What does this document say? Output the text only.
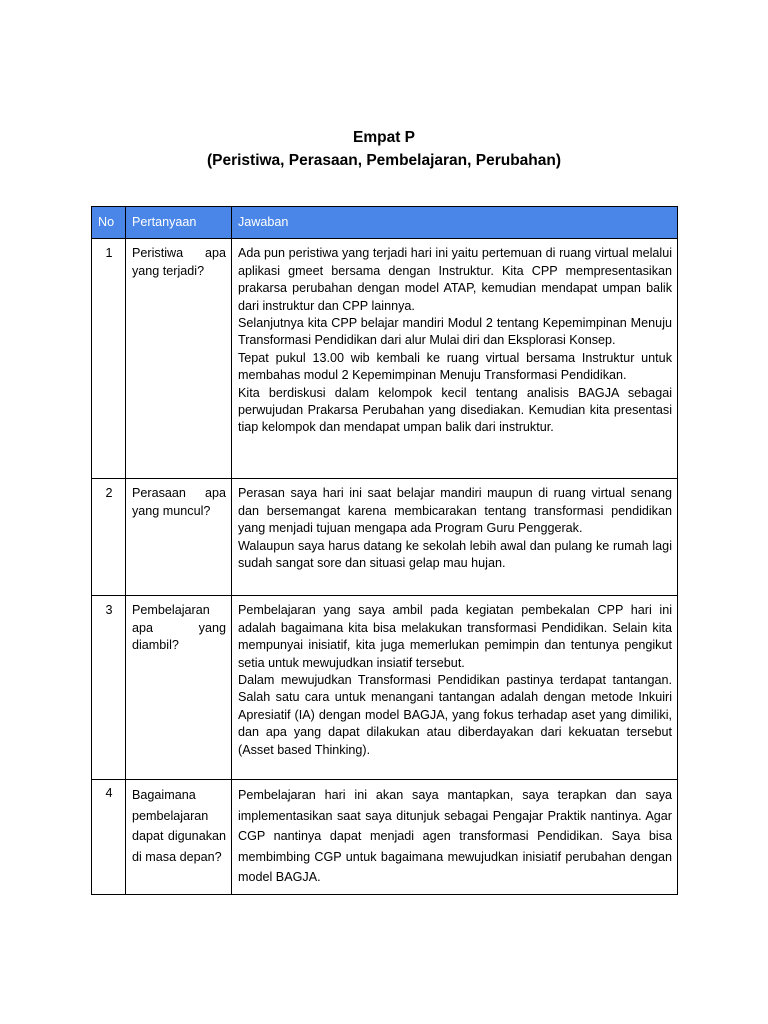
Empat P
(Peristiwa, Perasaan, Pembelajaran, Perubahan)
No	Pertanyaan	Jawaban
1	Peristiwa apa yang terjadi?	Ada pun peristiwa yang terjadi hari ini yaitu pertemuan di ruang virtual melalui aplikasi gmeet bersama dengan Instruktur. Kita CPP mempresentasikan prakarsa perubahan dengan model ATAP, kemudian mendapat umpan balik dari instruktur dan CPP lainnya.

Selanjutnya kita CPP belajar mandiri Modul 2 tentang Kepemimpinan Menuju Transformasi Pendidikan dari alur Mulai diri dan Eksplorasi Konsep.

Tepat pukul 13.00 wib kembali ke ruang virtual bersama Instruktur untuk membahas modul 2 Kepemimpinan Menuju Transformasi Pendidikan.

Kita berdiskusi dalam kelompok kecil tentang analisis BAGJA sebagai perwujudan Prakarsa Perubahan yang disediakan. Kemudian kita presentasi tiap kelompok dan mendapat umpan balik dari instruktur.

2	Perasaan apa yang muncul?	Perasan saya hari ini saat belajar mandiri maupun di ruang virtual senang dan bersemangat karena membicarakan tentang transformasi pendidikan yang menjadi tujuan mengapa ada Program Guru Penggerak.

Walaupun saya harus datang ke sekolah lebih awal dan pulang ke rumah lagi sudah sangat sore dan situasi gelap mau hujan.

3	Pembelajaran apa yang diambil?	Pembelajaran yang saya ambil pada kegiatan pembekalan CPP hari ini adalah bagaimana kita bisa melakukan transformasi Pendidikan. Selain kita mempunyai inisiatif, kita juga memerlukan pemimpin dan tentunya pengikut setia untuk mewujudkan insiatif tersebut.

Dalam mewujudkan Transformasi Pendidikan pastinya terdapat tantangan. Salah satu cara untuk menangani tantangan adalah dengan metode Inkuiri Apresiatif (IA) dengan model BAGJA, yang fokus terhadap aset yang dimiliki, dan apa yang dapat dilakukan atau diberdayakan dari kekuatan tersebut (Asset based Thinking).

4	Bagaimana pembelajaran dapat digunakan di masa depan?	Pembelajaran hari ini akan saya mantapkan, saya terapkan dan saya implementasikan saat saya ditunjuk sebagai Pengajar Praktik nantinya. Agar CGP nantinya dapat menjadi agen transformasi Pendidikan. Saya bisa membimbing CGP untuk bagaimana mewujudkan inisiatif perubahan dengan model BAGJA.
